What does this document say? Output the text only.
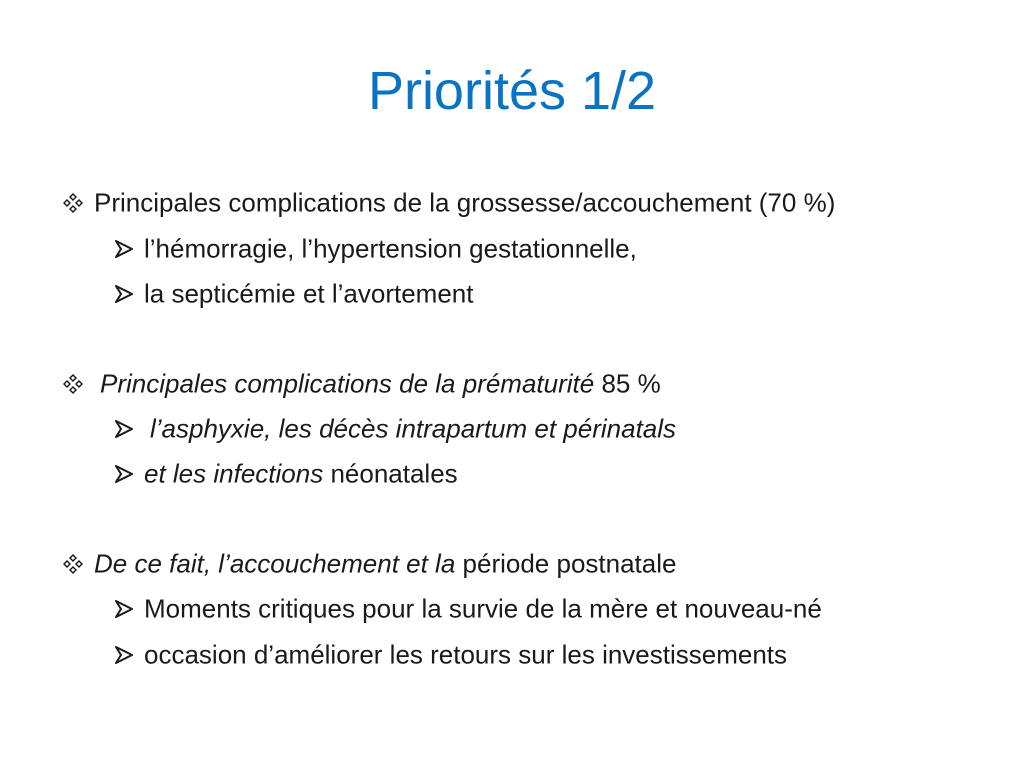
Priorités 1/2
Principales complications de la grossesse/accouchement (70 %)
l’hémorragie, l’hypertension gestationnelle,
la septicémie et l’avortement
Principales complications de la prématurité 85 %
l’asphyxie, les décès intrapartum et périnatals
et les infections néonatales
De ce fait, l’accouchement et la période postnatale
Moments critiques pour la survie de la mère et nouveau-né
occasion d’améliorer les retours sur les investissements
